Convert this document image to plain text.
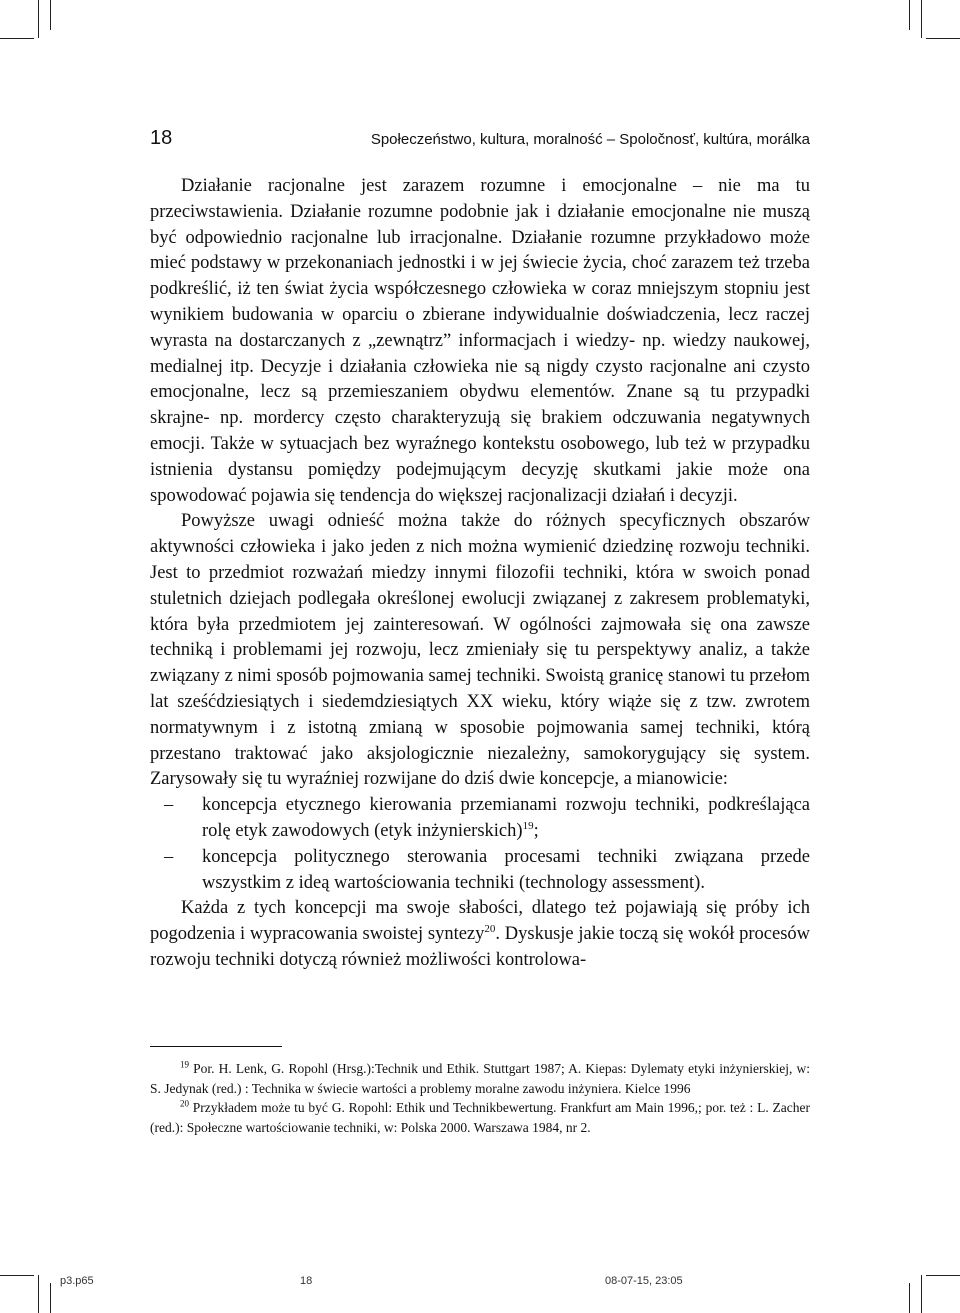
18	Społeczeństwo, kultura, moralność – Spoločnosť, kultúra, morálka

Działanie racjonalne jest zarazem rozumne i emocjonalne – nie ma tu przeciwstawienia. Działanie rozumne podobnie jak i działanie emocjonalne nie muszą być odpowiednio racjonalne lub irracjonalne. Działanie rozumne przykładowo może mieć podstawy w przekonaniach jednostki i w jej świecie życia, choć zarazem też trzeba podkreślić, iż ten świat życia współczesnego człowieka w coraz mniejszym stopniu jest wynikiem budowania w oparciu o zbierane indywidualnie doświadczenia, lecz raczej wyrasta na dostarczanych z „zewnątrz” informacjach i wiedzy- np. wiedzy naukowej, medialnej itp. Decyzje i działania człowieka nie są nigdy czysto racjonalne ani czysto emocjonalne, lecz są przemieszaniem obydwu elementów. Znane są tu przypadki skrajne- np. mordercy często charakteryzują się brakiem odczuwania negatywnych emocji. Także w sytuacjach bez wyraźnego kontekstu osobowego, lub też w przypadku istnienia dystansu pomiędzy podejmującym decyzję skutkami jakie może ona spowodować pojawia się tendencja do większej racjonalizacji działań i decyzji.

Powyższe uwagi odnieść można także do różnych specyficznych obszarów aktywności człowieka i jako jeden z nich można wymienić dziedzinę rozwoju techniki. Jest to przedmiot rozważań miedzy innymi filozofii techniki, która w swoich ponad stuletnich dziejach podlegała określonej ewolucji związanej z zakresem problematyki, która była przedmiotem jej zainteresowań. W ogólności zajmowała się ona zawsze techniką i problemami jej rozwoju, lecz zmieniały się tu perspektywy analiz, a także związany z nimi sposób pojmowania samej techniki. Swoistą granicę stanowi tu przełom lat sześćdziesiątych i siedemdziesiątych XX wieku, który wiąże się z tzw. zwrotem normatywnym i z istotną zmianą w sposobie pojmowania samej techniki, którą przestano traktować jako aksjologicznie niezależny, samokorygujący się system. Zarysowały się tu wyraźniej rozwijane do dziś dwie koncepcje, a mianowicie:

– koncepcja etycznego kierowania przemianami rozwoju techniki, podkreślająca rolę etyk zawodowych (etyk inżynierskich)$^{19}$;
– koncepcja politycznego sterowania procesami techniki związana przede wszystkim z ideą wartościowania techniki (technology assessment).

Każda z tych koncepcji ma swoje słabości, dlatego też pojawiają się próby ich pogodzenia i wypracowania swoistej syntezy$^{20}$. Dyskusje jakie toczą się wokół procesów rozwoju techniki dotyczą również możliwości kontrolowa-

$^{19}$ Por. H. Lenk, G. Ropohl (Hrsg.):Technik und Ethik. Stuttgart 1987; A. Kiepas: Dylematy etyki inżynierskiej, w: S. Jedynak (red.) : Technika w świecie wartości a problemy moralne zawodu inżyniera. Kielce 1996

$^{20}$ Przykładem może tu być G. Ropohl: Ethik und Technikbewertung. Frankfurt am Main 1996,; por. też : L. Zacher (red.): Społeczne wartościowanie techniki, w: Polska 2000. Warszawa 1984, nr 2.

p3.p65	18	08-07-15, 23:05
